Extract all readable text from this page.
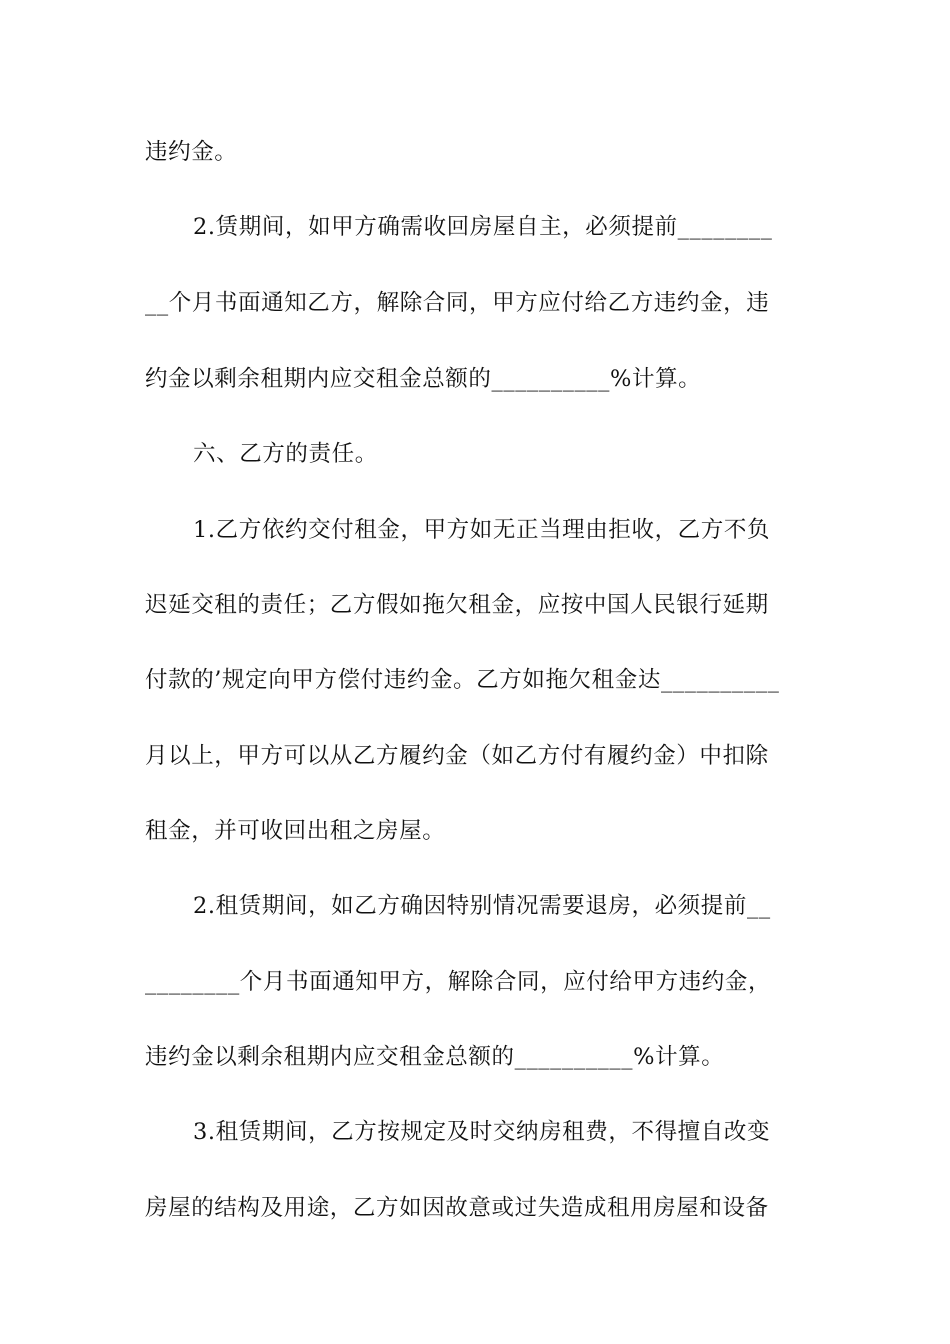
违约金。
2.赁期间，如甲方确需收回房屋自主，必须提前________
__个月书面通知乙方，解除合同，甲方应付给乙方违约金，违
约金以剩余租期内应交租金总额的__________%计算。
六、乙方的责任。
1.乙方依约交付租金，甲方如无正当理由拒收，乙方不负
迟延交租的责任；乙方假如拖欠租金，应按中国人民银行延期
付款的’规定向甲方偿付违约金。乙方如拖欠租金达__________
月以上，甲方可以从乙方履约金（如乙方付有履约金）中扣除
租金，并可收回出租之房屋。
2.租赁期间，如乙方确因特别情况需要退房，必须提前__
________个月书面通知甲方，解除合同，应付给甲方违约金，
违约金以剩余租期内应交租金总额的__________%计算。
3.租赁期间，乙方按规定及时交纳房租费，不得擅自改变
房屋的结构及用途，乙方如因故意或过失造成租用房屋和设备
